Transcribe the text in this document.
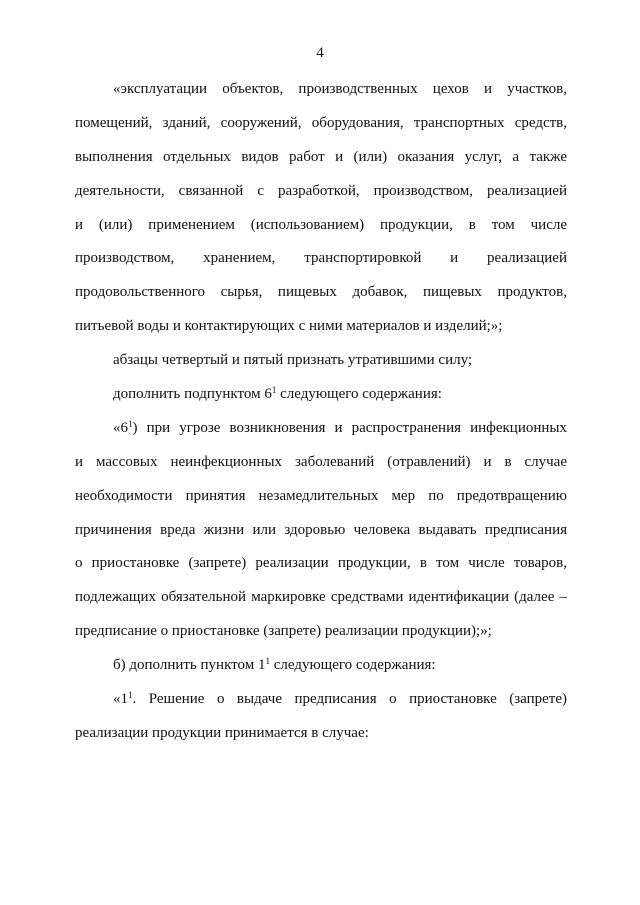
4
«эксплуатации объектов, производственных цехов и участков,
помещений, зданий, сооружений, оборудования, транспортных средств,
выполнения отдельных видов работ и (или) оказания услуг, а также
деятельности, связанной с разработкой, производством, реализацией
и (или) применением (использованием) продукции, в том числе
производством, хранением, транспортировкой и реализацией
продовольственного сырья, пищевых добавок, пищевых продуктов,
питьевой воды и контактирующих с ними материалов и изделий;»;
абзацы четвертый и пятый признать утратившими силу;
дополнить подпунктом $6^1$ следующего содержания:
«$6^1$) при угрозе возникновения и распространения инфекционных
и массовых неинфекционных заболеваний (отравлений) и в случае
необходимости принятия незамедлительных мер по предотвращению
причинения вреда жизни или здоровью человека выдавать предписания
о приостановке (запрете) реализации продукции, в том числе товаров,
подлежащих обязательной маркировке средствами идентификации (далее –
предписание о приостановке (запрете) реализации продукции);»;
б) дополнить пунктом $1^1$ следующего содержания:
«$1^1$. Решение о выдаче предписания о приостановке (запрете)
реализации продукции принимается в случае:
